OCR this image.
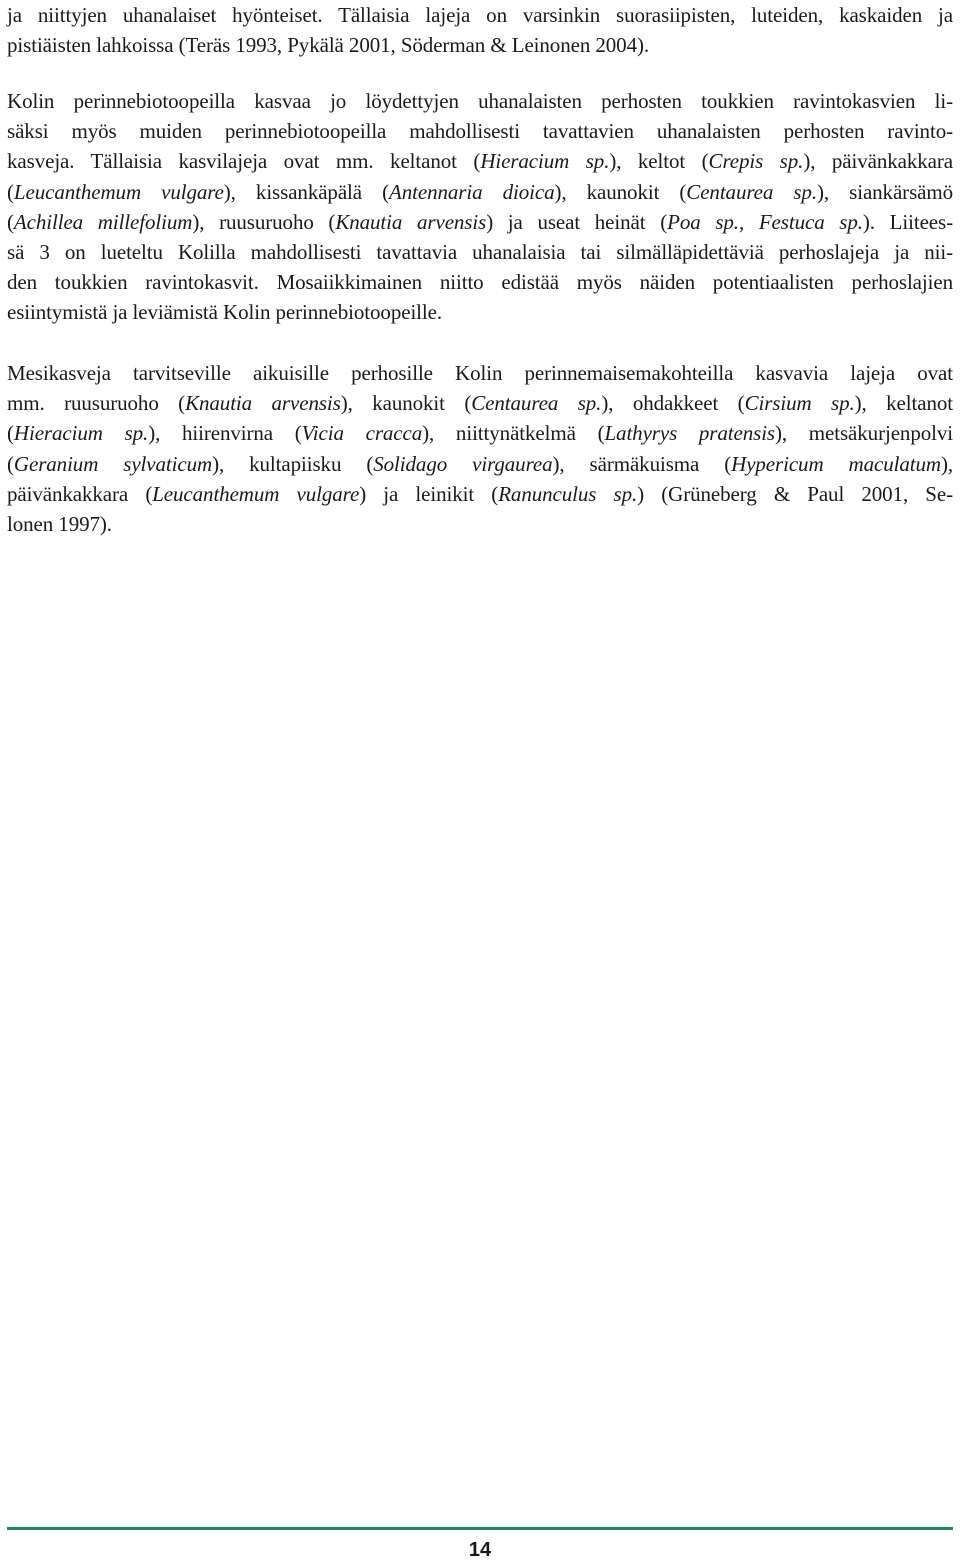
ja niittyjen uhanalaiset hyönteiset. Tällaisia lajeja on varsinkin suorasiipisten, luteiden, kaskaiden ja
pistiäisten lahkoissa (Teräs 1993, Pykälä 2001, Söderman & Leinonen 2004).
Kolin perinnebiotoopeilla kasvaa jo löydettyjen uhanalaisten perhosten toukkien ravintokasvien li-
säksi myös muiden perinnebiotoopeilla mahdollisesti tavattavien uhanalaisten perhosten ravinto-
kasveja. Tällaisia kasvilajeja ovat mm. keltanot (Hieracium sp.), keltot (Crepis sp.), päivänkakkara
(Leucanthemum vulgare), kissankäpälä (Antennaria dioica), kaunokit (Centaurea sp.), siankärsämö
(Achillea millefolium), ruusuruoho (Knautia arvensis) ja useat heinät (Poa sp., Festuca sp.). Liitees-
sä 3 on lueteltu Kolilla mahdollisesti tavattavia uhanalaisia tai silmälläpidettäviä perhoslajeja ja nii-
den toukkien ravintokasvit. Mosaiikkimainen niitto edistää myös näiden potentiaalisten perhoslajien
esiintymistä ja leviämistä Kolin perinnebiotoopeille.
Mesikasveja tarvitseville aikuisille perhosille Kolin perinnemaisemakohteilla kasvavia lajeja ovat
mm. ruusuruoho (Knautia arvensis), kaunokit (Centaurea sp.), ohdakkeet (Cirsium sp.), keltanot
(Hieracium sp.), hiirenvirna (Vicia cracca), niittynätkelmä (Lathyrys pratensis), metsäkurjenpolvi
(Geranium sylvaticum), kultapiisku (Solidago virgaurea), särmäkuisma (Hypericum maculatum),
päivänkakkara (Leucanthemum vulgare) ja leinikit (Ranunculus sp.) (Grüneberg & Paul 2001, Se-
lonen 1997).
14
